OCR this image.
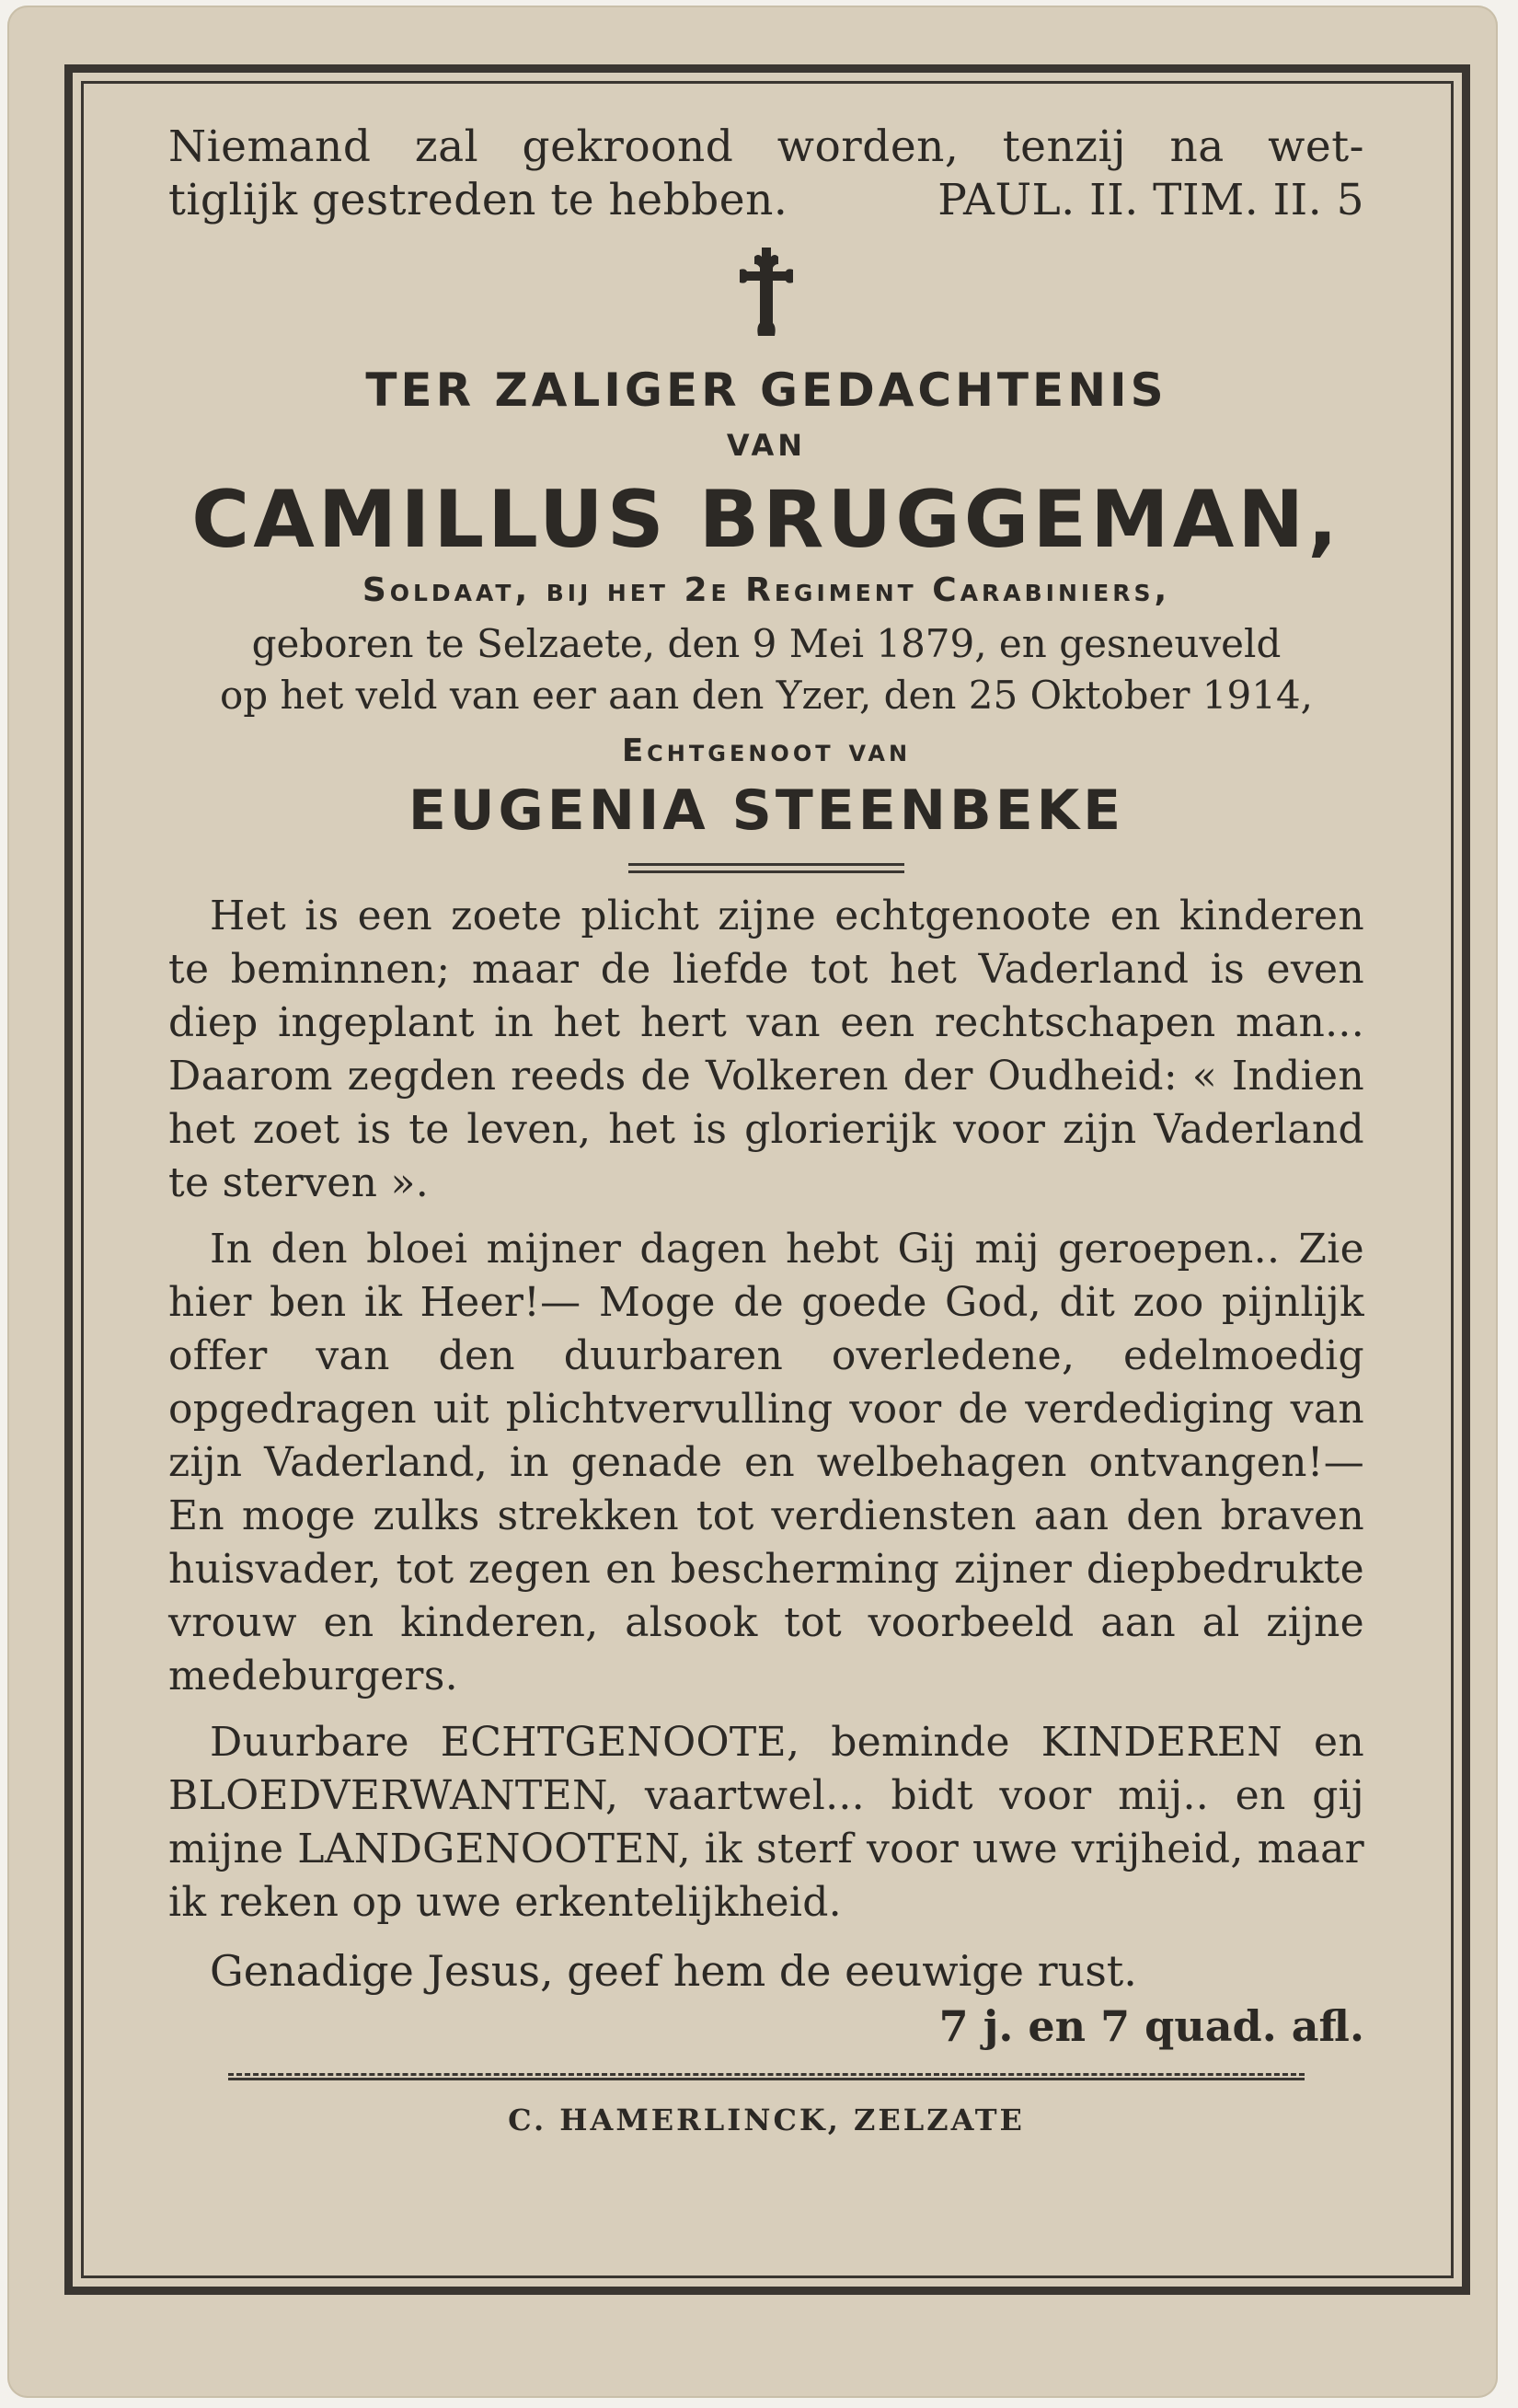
Niemand zal gekroond worden, tenzij na wet-
tiglijk gestreden te hebben.	PAUL. II. TIM. II. 5
TER ZALIGER GEDACHTENIS
VAN
CAMILLUS BRUGGEMAN,
Soldaat, bij het 2e Regiment Carabiniers,
geboren te Selzaete, den 9 Mei 1879, en gesneuveld
op het veld van eer aan den Yzer, den 25 Oktober 1914,
Echtgenoot van
EUGENIA STEENBEKE

Het is een zoete plicht zijne echtgenoote en kinderen te beminnen; maar de liefde tot het Vaderland is even diep ingeplant in het hert van een rechtschapen man... Daarom zegden reeds de Volkeren der Oudheid: « Indien het zoet is te leven, het is glorierijk voor zijn Vaderland te sterven ».

In den bloei mijner dagen hebt Gij mij geroepen.. Zie hier ben ik Heer!— Moge de goede God, dit zoo pijnlijk offer van den duurbaren overledene, edelmoedig opgedragen uit plichtvervulling voor de verdediging van zijn Vaderland, in genade en welbehagen ontvangen!— En moge zulks strekken tot verdiensten aan den braven huisvader, tot zegen en bescherming zijner diepbedrukte vrouw en kinderen, alsook tot voorbeeld aan al zijne medeburgers.

Duurbare ECHTGENOOTE, beminde KINDEREN en BLOEDVERWANTEN, vaartwel... bidt voor mij.. en gij mijne LANDGENOOTEN, ik sterf voor uwe vrijheid, maar ik reken op uwe erkentelijkheid.

Genadige Jesus, geef hem de eeuwige rust.
7 j. en 7 quad. afl.
C. HAMERLINCK, ZELZATE
